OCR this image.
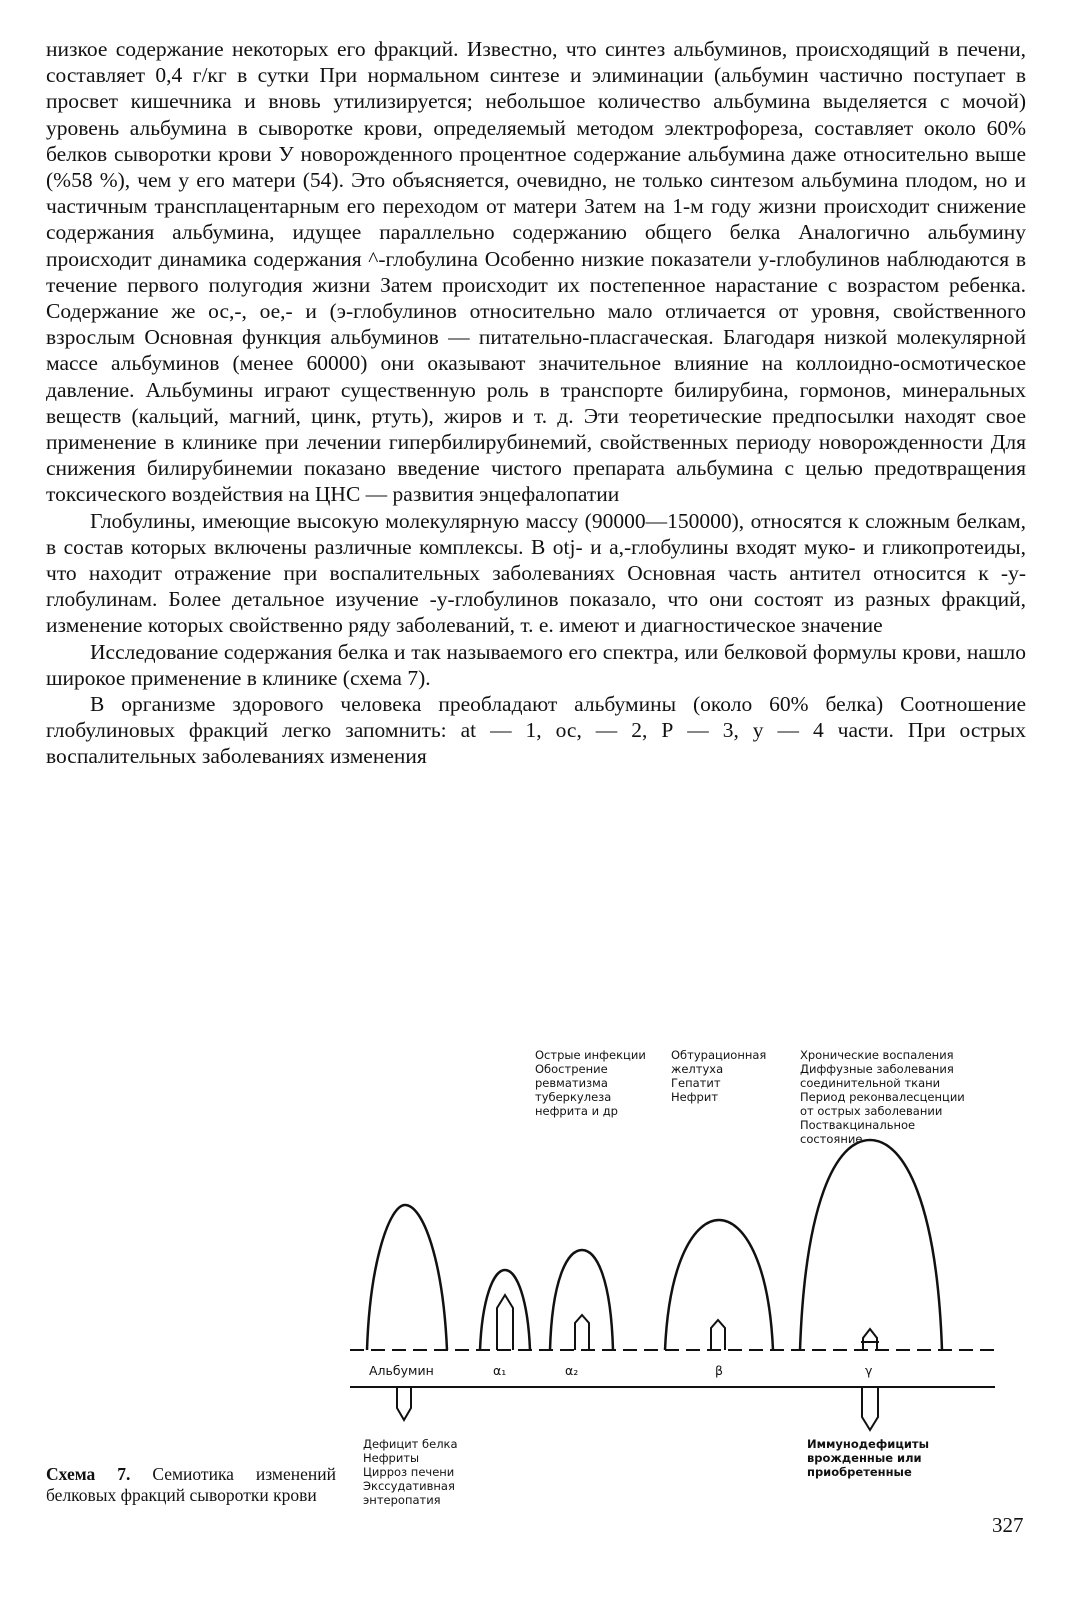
низкое содержание некоторых его фракций. Известно, что синтез альбуминов, происходящий в печени, составляет 0,4 г/кг в сутки При нормальном синтезе и элиминации (альбумин частично поступает в просвет кишечника и вновь утилизируется; небольшое количество альбумина выделяется с мочой) уровень альбумина в сыворотке крови, определяемый методом электрофореза, составляет около 60% белков сыворотки крови У новорожденного процентное содержание альбумина даже относительно выше (%58 %), чем у его матери (54). Это объясняется, очевидно, не только синтезом альбумина плодом, но и частичным трансплацентарным его переходом от матери Затем на 1-м году жизни происходит снижение содержания альбумина, идущее параллельно содержанию общего белка Аналогично альбумину происходит динамика содержания ^-глобулина Особенно низкие показатели у-глобулинов наблюдаются в течение первого полугодия жизни Затем происходит их постепенное нарастание с возрастом ребенка. Содержание же ос,-, ое,- и (э-глобулинов относительно мало отличается от уровня, свойственного взрослым Основная функция альбуминов — питательно-пласгаческая. Благодаря низкой молекулярной массе альбуминов (менее 60000) они оказывают значительное влияние на коллоидно-осмотическое давление. Альбумины играют существенную роль в транспорте билирубина, гормонов, минеральных веществ (кальций, магний, цинк, ртуть), жиров и т. д. Эти теоретические предпосылки находят свое применение в клинике при лечении гипербилирубинемий, свойственных периоду новорожденности Для снижения билирубинемии показано введение чистого препарата альбумина с целью предотвращения токсического воздействия на ЦНС — развития энцефалопатии

Глобулины, имеющие высокую молекулярную массу (90000—150000), относятся к сложным белкам, в состав которых включены различные комплексы. В otj- и a,-глобулины входят муко- и гликопротеиды, что находит отражение при воспалительных заболеваниях Основная часть антител относится к -у-глобулинам. Более детальное изучение -у-глобулинов показало, что они состоят из разных фракций, изменение которых свойственно ряду заболеваний, т. е. имеют и диагностическое значение

Исследование содержания белка и так называемого его спектра, или белковой формулы крови, нашло широкое применение в клинике (схема 7).

В организме здорового человека преобладают альбумины (около 60% белка) Соотношение глобулиновых фракций легко запомнить: at — 1, ос, — 2, Р — 3, у — 4 части. При острых воспалительных заболеваниях изменения

Острые инфекции Обострение ревматизма туберкулеза нефрита и др
Обтурационная желтуха Гепатит Нефрит
Хронические воспаления Диффузные заболевания соединительной ткани Период реконвалесценции от острых заболевании Поствакцинальное состояние
Альбумин	α₁	α₂	β	γ
Дефицит белка Нефриты Цирроз печени Экссудативная энтеропатия
Иммунодефициты врожденные или приобретенные
Схема 7. Семиотика изменений белковых фракций сыворотки крови
327
